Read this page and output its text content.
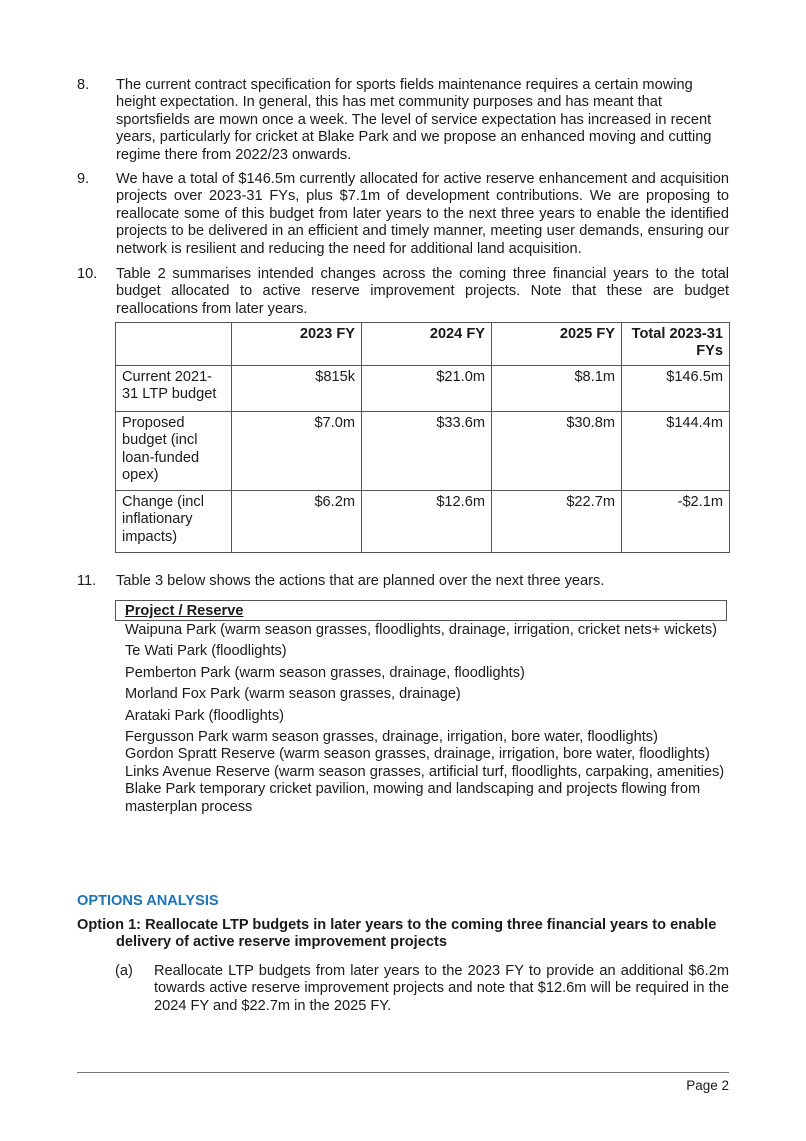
8. The current contract specification for sports fields maintenance requires a certain mowing height expectation. In general, this has met community purposes and has meant that sportsfields are mown once a week. The level of service expectation has increased in recent years, particularly for cricket at Blake Park and we propose an enhanced moving and cutting regime there from 2022/23 onwards.
9. We have a total of $146.5m currently allocated for active reserve enhancement and acquisition projects over 2023-31 FYs, plus $7.1m of development contributions. We are proposing to reallocate some of this budget from later years to the next three years to enable the identified projects to be delivered in an efficient and timely manner, meeting user demands, ensuring our network is resilient and reducing the need for additional land acquisition.
10. Table 2 summarises intended changes across the coming three financial years to the total budget allocated to active reserve improvement projects. Note that these are budget reallocations from later years.
	2023 FY	2024 FY	2025 FY	Total 2023-31 FYs
Current 2021-31 LTP budget	$815k	$21.0m	$8.1m	$146.5m
Proposed budget (incl loan-funded opex)	$7.0m	$33.6m	$30.8m	$144.4m
Change (incl inflationary impacts)	$6.2m	$12.6m	$22.7m	-$2.1m
11. Table 3 below shows the actions that are planned over the next three years.
Project / Reserve
Waipuna Park (warm season grasses, floodlights, drainage, irrigation, cricket nets+ wickets)
Te Wati Park (floodlights)
Pemberton Park (warm season grasses, drainage, floodlights)
Morland Fox Park (warm season grasses, drainage)
Arataki Park (floodlights)
Fergusson Park warm season grasses, drainage, irrigation, bore water, floodlights)
Gordon Spratt Reserve (warm season grasses, drainage, irrigation, bore water, floodlights)
Links Avenue Reserve (warm season grasses, artificial turf, floodlights, carpaking, amenities)
Blake Park temporary cricket pavilion, mowing and landscaping and projects flowing from masterplan process
OPTIONS ANALYSIS
Option 1: Reallocate LTP budgets in later years to the coming three financial years to enable
delivery of active reserve improvement projects
(a) Reallocate LTP budgets from later years to the 2023 FY to provide an additional $6.2m towards active reserve improvement projects and note that $12.6m will be required in the 2024 FY and $22.7m in the 2025 FY.
Page 2
